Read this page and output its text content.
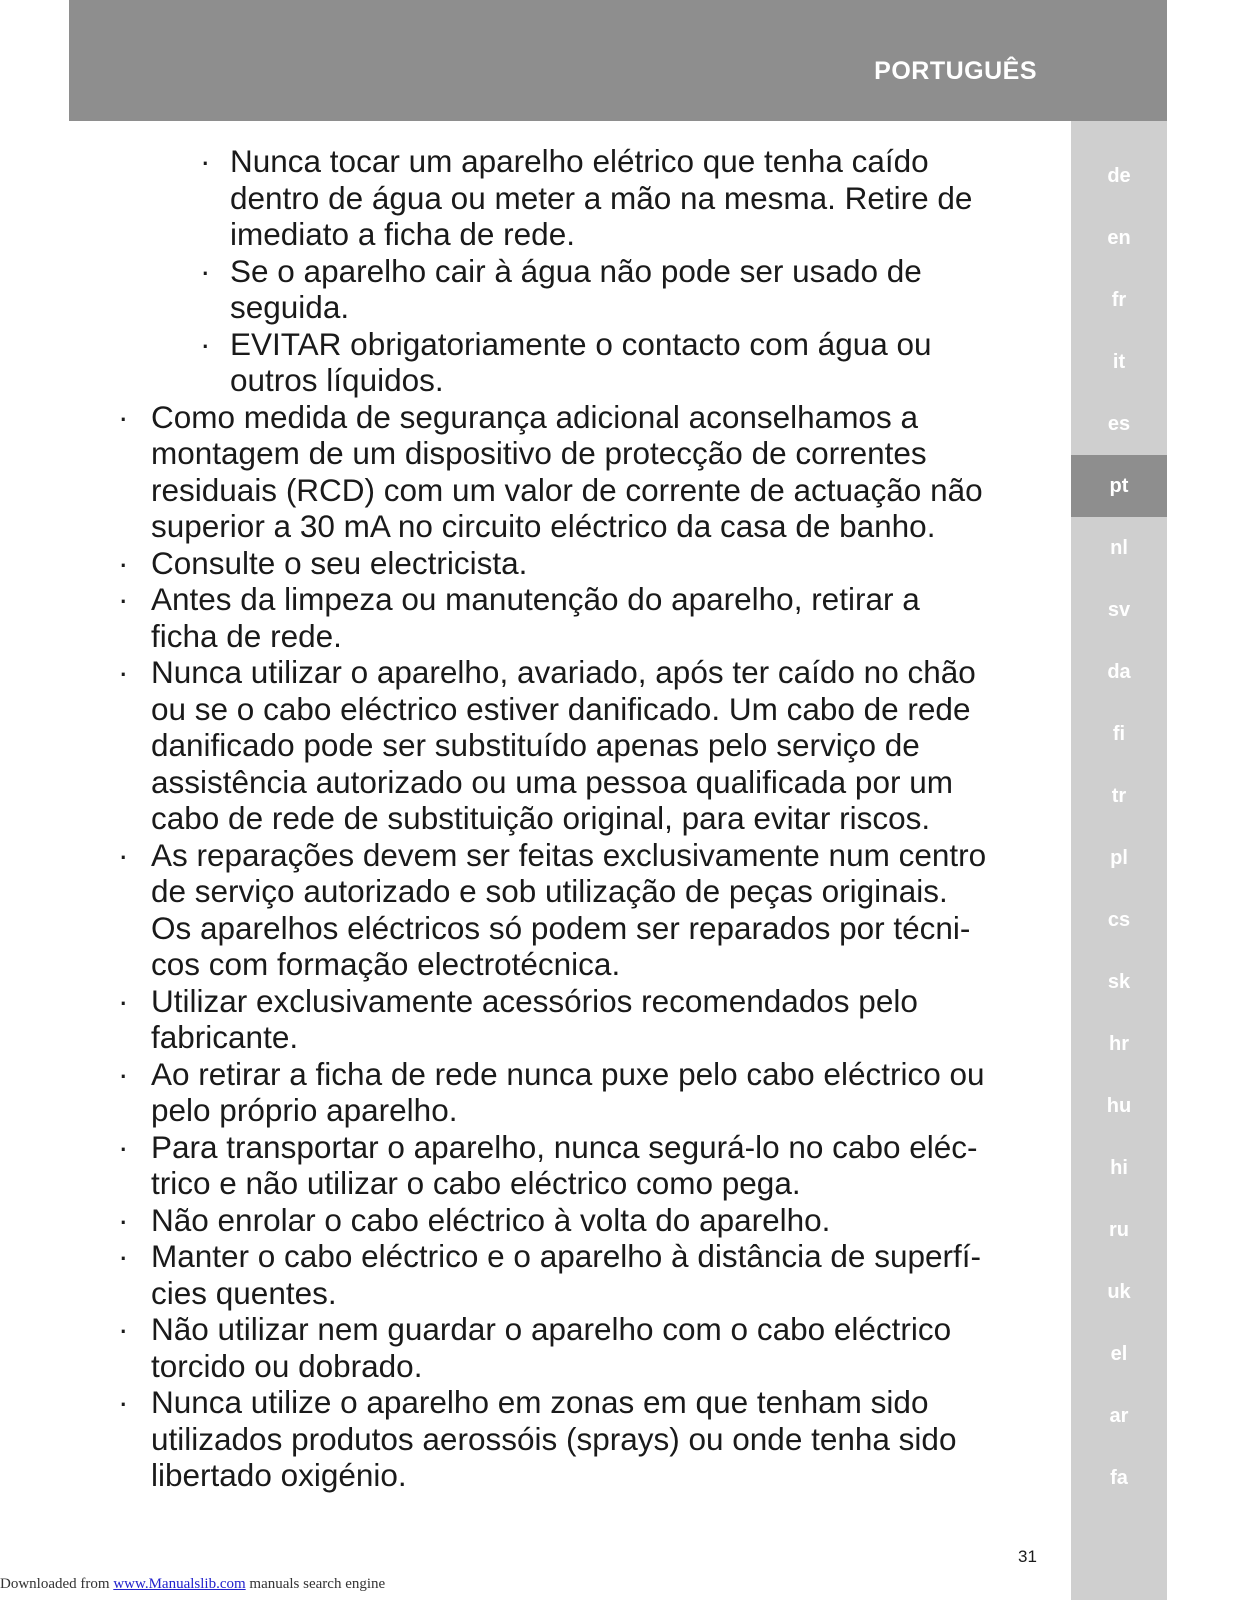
PORTUGUÊS
de
en
fr
it
es
pt
nl
sv
da
fi
tr
pl
cs
sk
hr
hu
hi
ru
uk
el
ar
fa
· Nunca tocar um aparelho elétrico que tenha caído
dentro de água ou meter a mão na mesma. Retire de
imediato a ficha de rede.
· Se o aparelho cair à água não pode ser usado de
seguida.
· EVITAR obrigatoriamente o contacto com água ou
outros líquidos.
· Como medida de segurança adicional aconselhamos a
montagem de um dispositivo de protecção de correntes
residuais (RCD) com um valor de corrente de actuação não
superior a 30 mA no circuito eléctrico da casa de banho.
· Consulte o seu electricista.
· Antes da limpeza ou manutenção do aparelho, retirar a
ficha de rede.
· Nunca utilizar o aparelho, avariado, após ter caído no chão
ou se o cabo eléctrico estiver danificado. Um cabo de rede
danificado pode ser substituído apenas pelo serviço de
assistência autorizado ou uma pessoa qualificada por um
cabo de rede de substituição original, para evitar riscos.
· As reparações devem ser feitas exclusivamente num centro
de serviço autorizado e sob utilização de peças originais.
Os aparelhos eléctricos só podem ser reparados por técni-
cos com formação electrotécnica.
· Utilizar exclusivamente acessórios recomendados pelo
fabricante.
· Ao retirar a ficha de rede nunca puxe pelo cabo eléctrico ou
pelo próprio aparelho.
· Para transportar o aparelho, nunca segurá-lo no cabo eléc-
trico e não utilizar o cabo eléctrico como pega.
· Não enrolar o cabo eléctrico à volta do aparelho.
· Manter o cabo eléctrico e o aparelho à distância de superfí-
cies quentes.
· Não utilizar nem guardar o aparelho com o cabo eléctrico
torcido ou dobrado.
· Nunca utilize o aparelho em zonas em que tenham sido
utilizados produtos aerossóis (sprays) ou onde tenha sido
libertado oxigénio.
31
Downloaded from www.Manualslib.com manuals search engine
